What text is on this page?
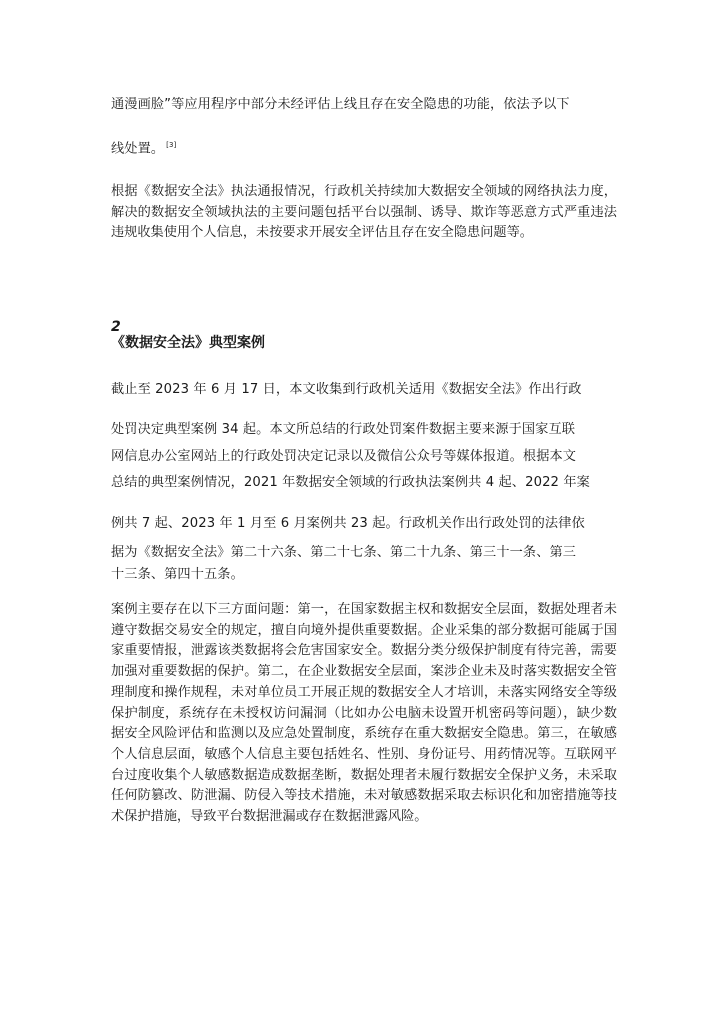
通漫画脸”等应用程序中部分未经评估上线且存在安全隐患的功能，依法予以下
线处置。 [3]
根据《数据安全法》执法通报情况，行政机关持续加大数据安全领域的网络执法力度，解决的数据安全领域执法的主要问题包括平台以强制、诱导、欺诈等恶意方式严重违法违规收集使用个人信息，未按要求开展安全评估且存在安全隐患问题等。
2
《数据安全法》典型案例
截止至 2023 年 6 月 17 日，本文收集到行政机关适用《数据安全法》作出行政
处罚决定典型案例 34 起。本文所总结的行政处罚案件数据主要来源于国家互联
网信息办公室网站上的行政处罚决定记录以及微信公众号等媒体报道。根据本文
总结的典型案例情况，2021 年数据安全领域的行政执法案例共 4 起、2022 年案
例共 7 起、2023 年 1 月至 6 月案例共 23 起。行政机关作出行政处罚的法律依
据为《数据安全法》第二十六条、第二十七条、第二十九条、第三十一条、第三
十三条、第四十五条。
案例主要存在以下三方面问题：第一，在国家数据主权和数据安全层面，数据处理者未遵守数据交易安全的规定，擅自向境外提供重要数据。企业采集的部分数据可能属于国家重要情报，泄露该类数据将会危害国家安全。数据分类分级保护制度有待完善，需要加强对重要数据的保护。第二，在企业数据安全层面，案涉企业未及时落实数据安全管理制度和操作规程，未对单位员工开展正规的数据安全人才培训，未落实网络安全等级保护制度，系统存在未授权访问漏洞（比如办公电脑未设置开机密码等问题），缺少数据安全风险评估和监测以及应急处置制度，系统存在重大数据安全隐患。第三，在敏感个人信息层面，敏感个人信息主要包括姓名、性别、身份证号、用药情况等。互联网平台过度收集个人敏感数据造成数据垄断，数据处理者未履行数据安全保护义务，未采取任何防篡改、防泄漏、防侵入等技术措施，未对敏感数据采取去标识化和加密措施等技术保护措施，导致平台数据泄漏或存在数据泄露风险。
